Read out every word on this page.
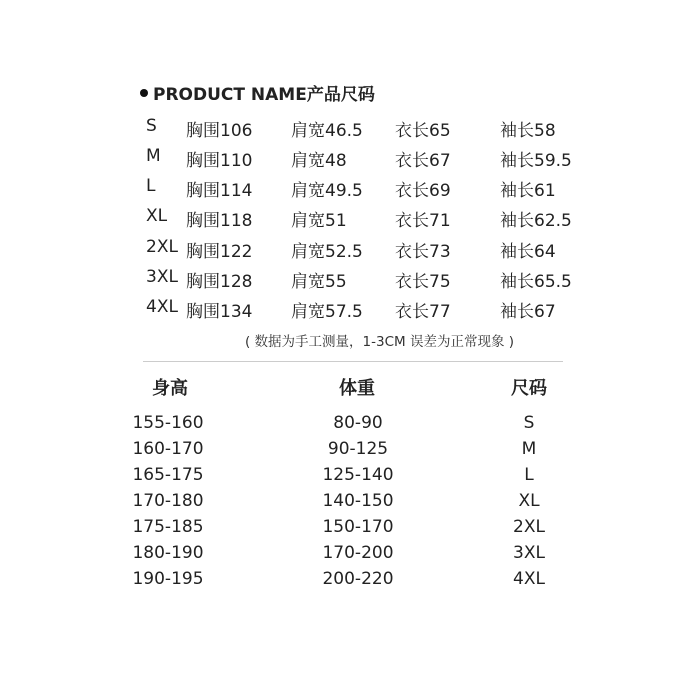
PRODUCT NAME产品尺码
S 胸围106 肩宽46.5 衣长65	袖长58
M 胸围110 肩宽48	衣长67	袖长59.5
L 胸围114 肩宽49.5 衣长69	袖长61
XL 胸围118 肩宽51	衣长71	袖长62.5
2XL 胸围122 肩宽52.5 衣长73	袖长64
3XL 胸围128 肩宽55	衣长75	袖长65.5
4XL 胸围134 肩宽57.5 衣长77	袖长67
( 数据为手工测量，1-3CM 误差为正常现象 )
身高	体重	尺码
155-160	80-90	S
160-170	90-125	M
165-175	125-140	L
170-180	140-150	XL
175-185	150-170	2XL
180-190	170-200	3XL
190-195	200-220	4XL
